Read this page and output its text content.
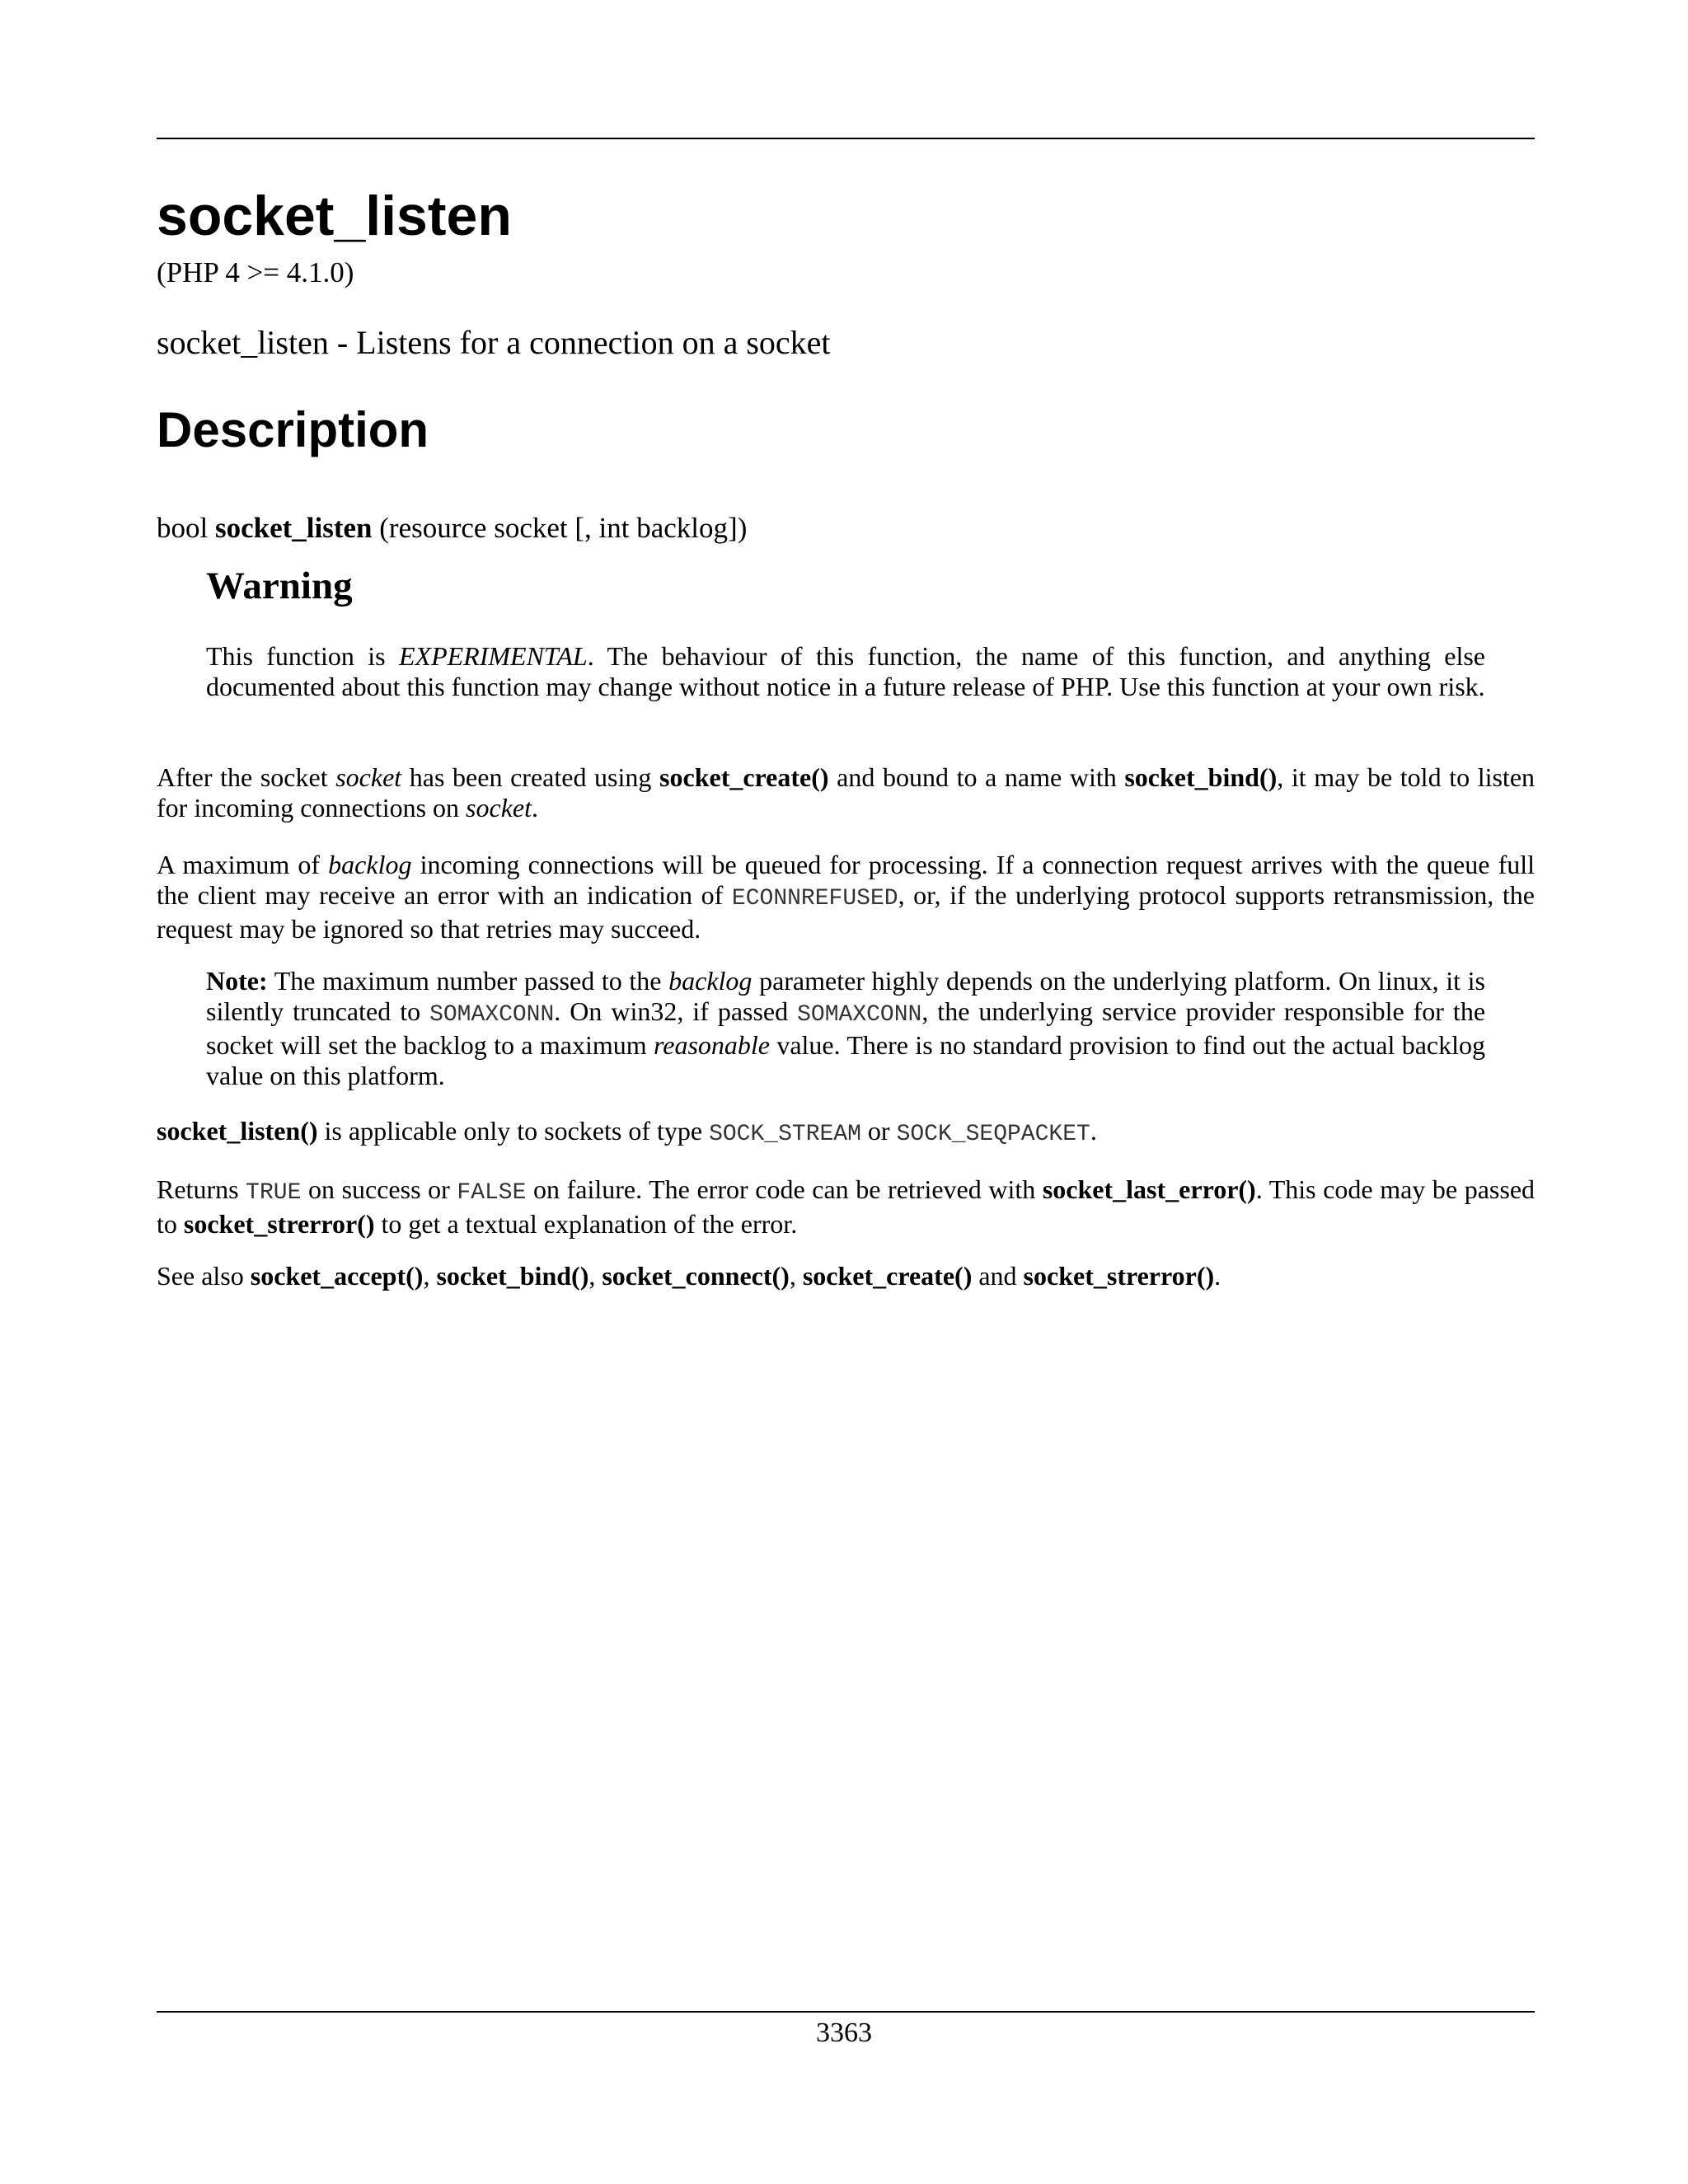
socket_listen
(PHP 4 >= 4.1.0)
socket_listen - Listens for a connection on a socket
Description
bool socket_listen (resource socket [, int backlog])
Warning

This function is EXPERIMENTAL. The behaviour of this function, the name of this function, and anything else documented about this function may change without notice in a future release of PHP. Use this function at your own risk.

After the socket socket has been created using socket_create() and bound to a name with socket_bind(), it may be told to listen for incoming connections on socket.

A maximum of backlog incoming connections will be queued for processing. If a connection request arrives with the queue full the client may receive an error with an indication of ECONNREFUSED, or, if the underlying protocol supports retransmission, the request may be ignored so that retries may succeed.

Note: The maximum number passed to the backlog parameter highly depends on the underlying platform. On linux, it is silently truncated to SOMAXCONN. On win32, if passed SOMAXCONN, the underlying service provider responsible for the socket will set the backlog to a maximum reasonable value. There is no standard provision to find out the actual backlog value on this platform.

socket_listen() is applicable only to sockets of type SOCK_STREAM or SOCK_SEQPACKET.

Returns TRUE on success or FALSE on failure. The error code can be retrieved with socket_last_error(). This code may be passed to socket_strerror() to get a textual explanation of the error.

See also socket_accept(), socket_bind(), socket_connect(), socket_create() and socket_strerror().

3363
